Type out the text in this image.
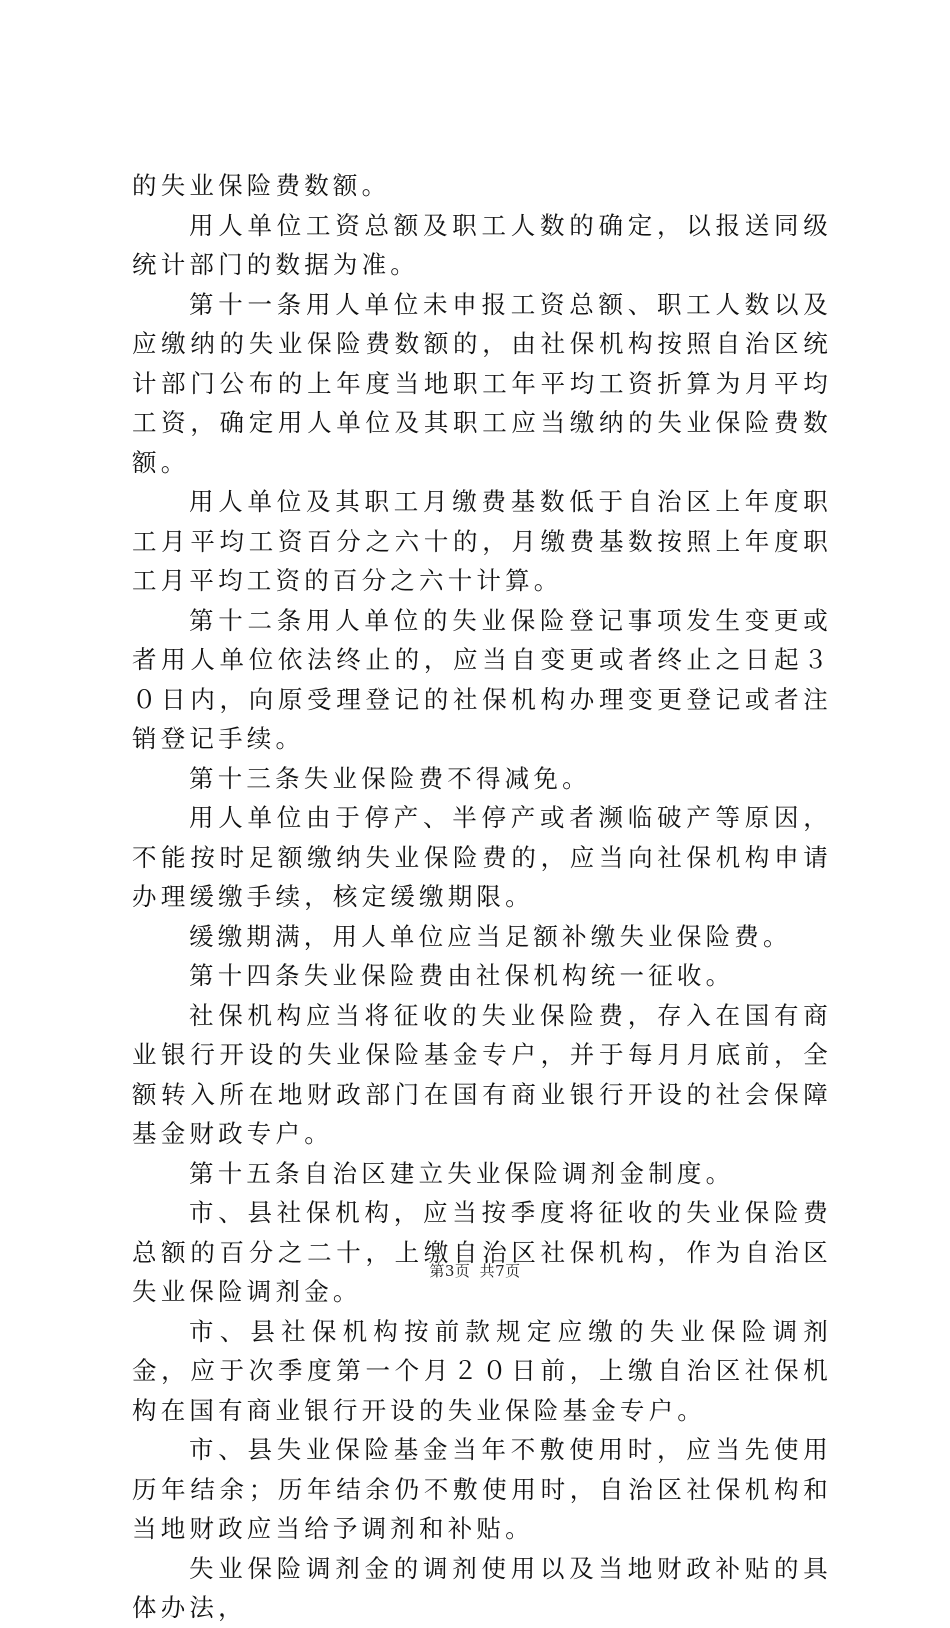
的失业保险费数额。

用人单位工资总额及职工人数的确定，以报送同级统计部门的数据为准。

第十一条用人单位未申报工资总额、职工人数以及应缴纳的失业保险费数额的，由社保机构按照自治区统计部门公布的上年度当地职工年平均工资折算为月平均工资，确定用人单位及其职工应当缴纳的失业保险费数额。

用人单位及其职工月缴费基数低于自治区上年度职工月平均工资百分之六十的，月缴费基数按照上年度职工月平均工资的百分之六十计算。

第十二条用人单位的失业保险登记事项发生变更或者用人单位依法终止的，应当自变更或者终止之日起３０日内，向原受理登记的社保机构办理变更登记或者注销登记手续。

第十三条失业保险费不得减免。

用人单位由于停产、半停产或者濒临破产等原因，不能按时足额缴纳失业保险费的，应当向社保机构申请办理缓缴手续，核定缓缴期限。

缓缴期满，用人单位应当足额补缴失业保险费。

第十四条失业保险费由社保机构统一征收。

社保机构应当将征收的失业保险费，存入在国有商业银行开设的失业保险基金专户，并于每月月底前，全额转入所在地财政部门在国有商业银行开设的社会保障基金财政专户。

第十五条自治区建立失业保险调剂金制度。

市、县社保机构，应当按季度将征收的失业保险费总额的百分之二十，上缴自治区社保机构，作为自治区失业保险调剂金。

市、县社保机构按前款规定应缴的失业保险调剂金，应于次季度第一个月２０日前，上缴自治区社保机构在国有商业银行开设的失业保险基金专户。

市、县失业保险基金当年不敷使用时，应当先使用历年结余；历年结余仍不敷使用时，自治区社保机构和当地财政应当给予调剂和补贴。

失业保险调剂金的调剂使用以及当地财政补贴的具体办法，

第3页 共7页
